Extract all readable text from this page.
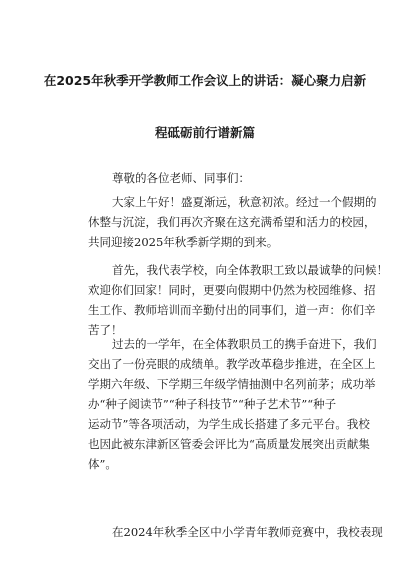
在2025年秋季开学教师工作会议上的讲话：凝心聚力启新
程砥砺前行谱新篇

尊敬的各位老师、同事们：

大家上午好！盛夏渐远，秋意初浓。经过一个假期的
休整与沉淀，我们再次齐聚在这充满希望和活力的校园，
共同迎接2025年秋季新学期的到来。

首先，我代表学校，向全体教职工致以最诚挚的问候！
欢迎你们回家！同时，更要向假期中仍然为校园维修、招
生工作、教师培训而辛勤付出的同事们，道一声：你们辛
苦了！

过去的一学年，在全体教职员工的携手奋进下，我们
交出了一份亮眼的成绩单。教学改革稳步推进，在全区上
学期六年级、下学期三年级学情抽测中名列前茅；成功举
办“种子阅读节”“种子科技节”“种子艺术节”“种子
运动节”等各项活动，为学生成长搭建了多元平台。我校
也因此被东津新区管委会评比为“高质量发展突出贡献集
体”。

在2024年秋季全区中小学青年教师竞赛中，我校表现
